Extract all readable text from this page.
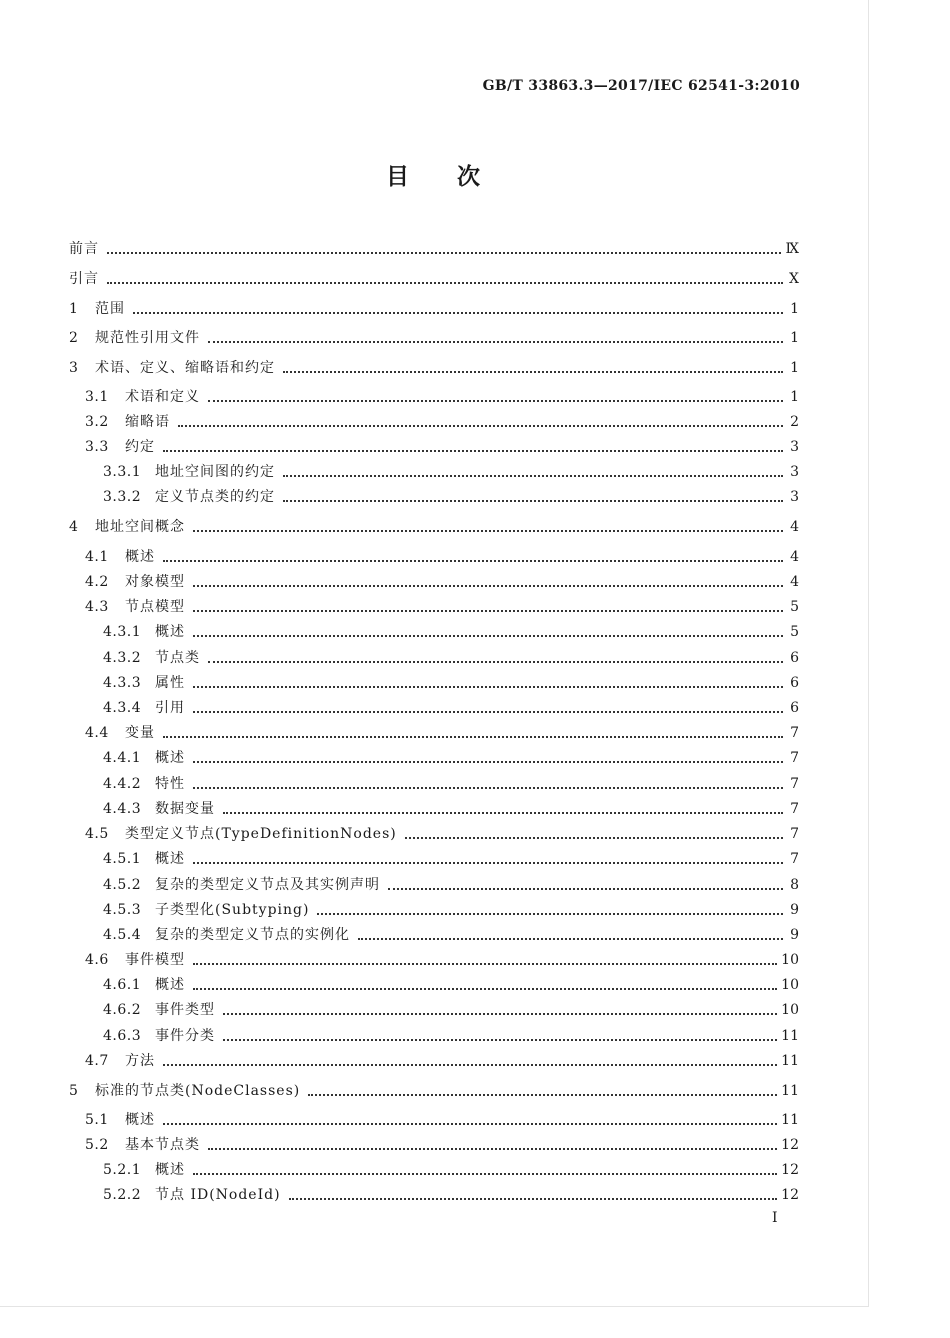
GB/T 33863.3—2017/IEC 62541-3:2010
目 次
前言	Ⅸ
引言	Ⅹ
1	范围	1
2	规范性引用文件	1
3	术语、定义、缩略语和约定	1
3.1	术语和定义	1
3.2	缩略语	2
3.3	约定	3
3.3.1 地址空间图的约定	3
3.3.2 定义节点类的约定	3
4	地址空间概念	4
4.1	概述	4
4.2	对象模型	4
4.3	节点模型	5
4.3.1 概述	5
4.3.2 节点类	6
4.3.3 属性	6
4.3.4 引用	6
4.4	变量	7
4.4.1 概述	7
4.4.2 特性	7
4.4.3 数据变量	7
4.5	类型定义节点(TypeDefinitionNodes)	7
4.5.1 概述	7
4.5.2 复杂的类型定义节点及其实例声明	8
4.5.3 子类型化(Subtyping)	9
4.5.4 复杂的类型定义节点的实例化	9
4.6	事件模型	10
4.6.1 概述	10
4.6.2 事件类型	10
4.6.3 事件分类	11
4.7	方法	11
5	标准的节点类(NodeClasses)	11
5.1	概述	11
5.2	基本节点类	12
5.2.1 概述	12
5.2.2 节点 ID(NodeId)	12
I
